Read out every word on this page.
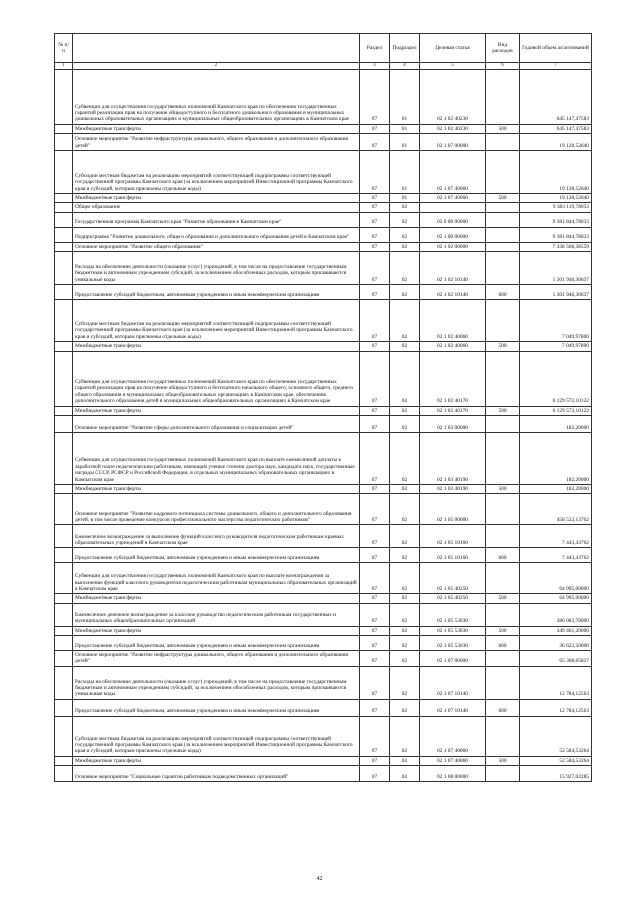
№ п/п		Раздел	Подраздел	Целевая статья	Вид расходов	Годовой объем ассигнований
1	2	3	4	5	6	7
	Субвенции для осуществления государственных полномочий Камчатского края по обеспечению государственных гарантий реализации прав на получение общедоступного и бесплатного дошкольного образования в муниципальных дошкольных образовательных организациях и муниципальных общеобразовательных организациях в Камчатском крае	07	01	02 1 02 40230		645 147,47583
	Межбюджетные трансферты	07	01	02 1 02 40230	500	645 147,47583
	Основное мероприятие "Развитие инфраструктуры дошкольного, общего образования и дополнительного образования детей"	07	01	02 1 07 00000		19 128,52640
	Субсидии местным бюджетам на реализацию мероприятий соответствующей подпрограммы соответствующей государственной программы Камчатского края (за исключением мероприятий Инвестиционной программы Камчатского края и субсидий, которым присвоены отдельные коды)	07	01	02 1 07 40060		19 128,52640
	Межбюджетные трансферты	07	01	02 1 07 40060	500	19 128,52640
	Общее образование	07	02			9 383 119,78033
	Государственная программа Камчатского края "Развитие образования в Камчатском крае"	07	02	02 0 00 00000		9 381 844,78033
	Подпрограмма "Развитие дошкольного, общего образования и дополнительного образования детей в Камчатском крае"	07	02	02 1 00 00000		9 381 844,78033
	Основное мероприятие "Развитие общего образования"	07	02	02 1 02 00000		7 438 568,38559
	Расходы на обеспечение деятельности (оказание услуг) учреждений, в том числе на предоставление государственным бюджетным и автономным учреждениям субсидий, за исключением обособленных расходов, которым присваиваются уникальные коды	07	02	02 1 02 10140		1 301 946,30637
	Предоставление субсидий бюджетным, автономным учреждениям и иным некоммерческим организациям	07	02	02 1 02 10140	600	1 301 946,30637
	Субсидии местным бюджетам на реализацию мероприятий соответствующей подпрограммы соответствующей государственной программы Камчатского края (за исключением мероприятий Инвестиционной программы Камчатского края и субсидий, которым присвоены отдельные коды)	07	02	02 1 02 40060		7 049,97800
	Межбюджетные трансферты	07	02	02 1 02 40060	500	7 049,97800
	Субвенции для осуществления государственных полномочий Камчатского края по обеспечению государственных гарантий реализации прав на получение общедоступного и бесплатного начального общего, основного общего, среднего общего образования в муниципальных общеобразовательных организациях в Камчатском крае, обеспечению дополнительного образования детей в муниципальных общеобразовательных организациях в Камчатском крае	07	02	02 1 02 40170		6 129 572,10122
	Межбюджетные трансферты	07	02	02 1 02 40170	500	6 129 572,10122
	Основное мероприятие "Развитие сферы дополнительного образования и социализации детей"	07	02	02 1 03 00000		182,20000
	Субвенции для осуществления государственных полномочий Камчатского края по выплате ежемесячной доплаты к заработной плате педагогическим работникам, имеющим ученые степени доктора наук, кандидата наук, государственные награды СССР, РСФСР и Российской Федерации, в отдельных муниципальных образовательных организациях в Камчатском крае	07	02	02 1 03 40190		182,20000
	Межбюджетные трансферты	07	02	02 1 03 40190	500	182,20000
	Основное мероприятие "Развитие кадрового потенциала системы дошкольного, общего и дополнительного образования детей, в том числе проведение конкурсов профессионального мастерства педагогических работников"	07	02	02 1 05 00000		458 522,13762
	Ежемесячное вознаграждение за выполнение функций классного руководителя педагогическим работникам краевых образовательных учреждений в Камчатском крае	07	02	02 1 05 10160		7 443,43762
	Предоставление субсидий бюджетным, автономным учреждениям и иным некоммерческим организациям	07	02	02 1 05 10160	600	7 443,43762
	Субвенции для осуществления государственных полномочий Камчатского края по выплате вознаграждения за выполнение функций классного руководителя педагогическим работникам муниципальных образовательных организаций в Камчатском крае	07	02	02 1 05 40250		64 995,00000
	Межбюджетные трансферты	07	02	02 1 05 40250	500	64 995,00000
	Ежемесячное денежное вознаграждение за классное руководство педагогическим работникам государственных и муниципальных общеобразовательных организаций	07	02	02 1 05 53030		386 083,70000
	Межбюджетные трансферты	07	02	02 1 05 53030	500	349 461,20000
	Предоставление субсидий бюджетным, автономным учреждениям и иным некоммерческим организациям	07	02	02 1 05 53030	600	36 622,50000
	Основное мероприятие "Развитие инфраструктуры дошкольного, общего образования и дополнительного образования детей"	07	02	02 1 07 00000		65 368,65827
	Расходы на обеспечение деятельности (оказание услуг) учреждений, в том числе на предоставление государственным бюджетным и автономным учреждениям субсидий, за исключением обособленных расходов, которым присваиваются уникальные коды	07	02	02 1 07 10140		12 784,12563
	Предоставление субсидий бюджетным, автономным учреждениям и иным некоммерческим организациям	07	02	02 1 07 10140	600	12 784,12563
	Субсидии местным бюджетам на реализацию мероприятий соответствующей подпрограммы соответствующей государственной программы Камчатского края (за исключением мероприятий Инвестиционной программы Камчатского края и субсидий, которым присвоены отдельные коды)	07	02	02 1 07 40060		52 584,53264
	Межбюджетные трансферты	07	02	02 1 07 40060	500	52 584,53264
	Основное мероприятие "Социальные гарантии работникам подведомственных организаций"	07	02	02 1 08 00000		15 927,02285
42
